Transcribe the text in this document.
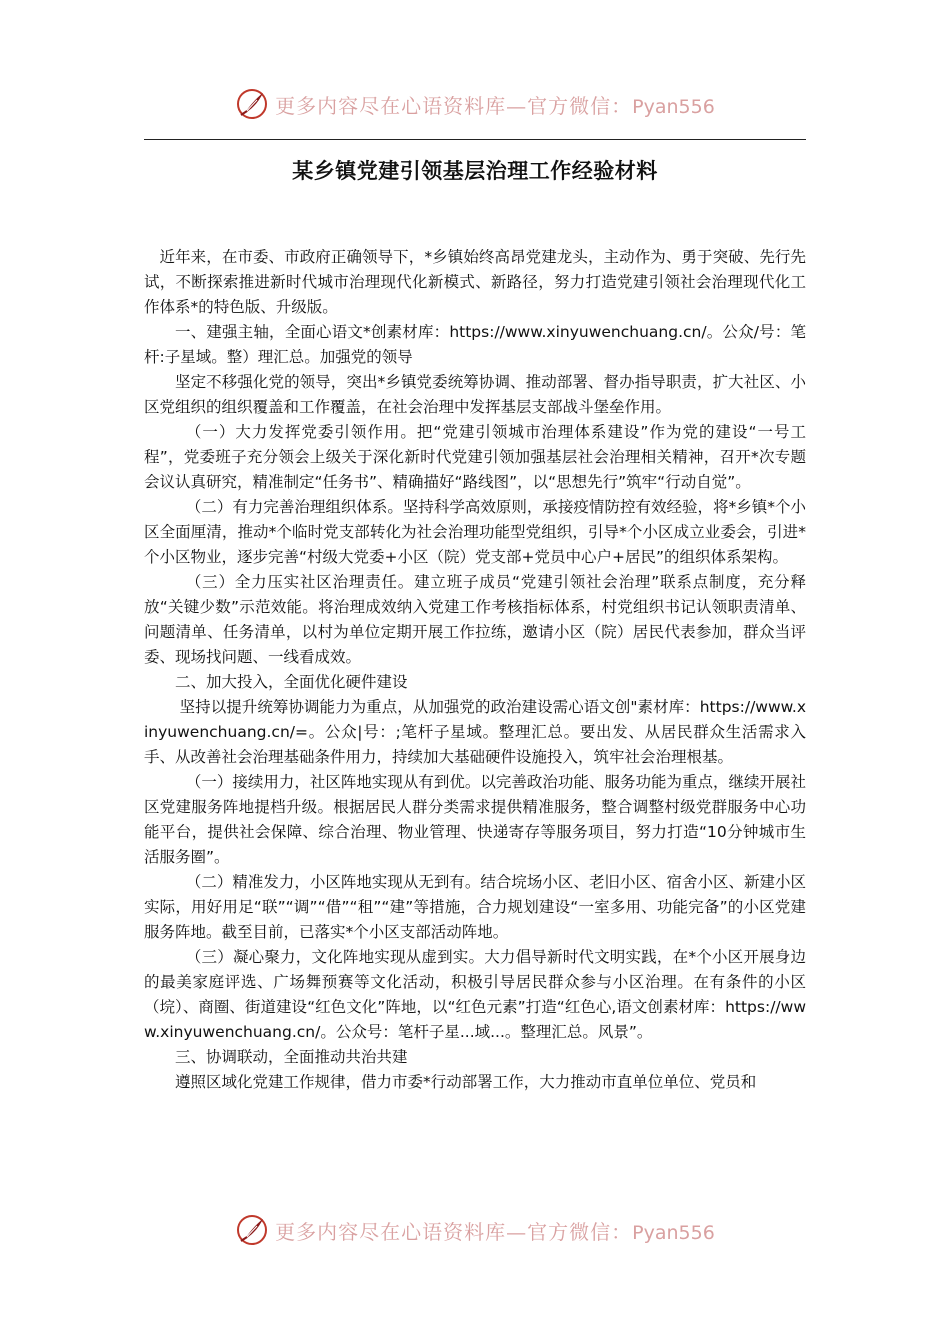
更多内容尽在心语资料库—官方微信：Pyan556
某乡镇党建引领基层治理工作经验材料

近年来，在市委、市政府正确领导下，*乡镇始终高昂党建龙头，主动作为、勇于突破、先行先试，不断探索推进新时代城市治理现代化新模式、新路径，努力打造党建引领社会治理现代化工作体系*的特色版、升级版。

一、建强主轴，全面心语文*创素材库：https://www.xinyuwenchuang.cn/。公众/号：笔杆:子星域。整）理汇总。加强党的领导

坚定不移强化党的领导，突出*乡镇党委统筹协调、推动部署、督办指导职责，扩大社区、小区党组织的组织覆盖和工作覆盖，在社会治理中发挥基层支部战斗堡垒作用。

（一）大力发挥党委引领作用。把“党建引领城市治理体系建设”作为党的建设“一号工程”，党委班子充分领会上级关于深化新时代党建引领加强基层社会治理相关精神，召开*次专题会议认真研究，精准制定“任务书”、精确描好“路线图”，以“思想先行”筑牢“行动自觉”。

（二）有力完善治理组织体系。坚持科学高效原则，承接疫情防控有效经验，将*乡镇*个小区全面厘清，推动*个临时党支部转化为社会治理功能型党组织，引导*个小区成立业委会，引进*个小区物业，逐步完善“村级大党委+小区（院）党支部+党员中心户+居民”的组织体系架构。

（三）全力压实社区治理责任。建立班子成员“党建引领社会治理”联系点制度，充分释放“关键少数”示范效能。将治理成效纳入党建工作考核指标体系，村党组织书记认领职责清单、问题清单、任务清单，以村为单位定期开展工作拉练，邀请小区（院）居民代表参加，群众当评委、现场找问题、一线看成效。

二、加大投入，全面优化硬件建设

坚持以提升统筹协调能力为重点，从加强党的政治建设需心语文创"素材库：https://www.xinyuwenchuang.cn/=。公众|号：;笔杆子星域。整理汇总。要出发、从居民群众生活需求入手、从改善社会治理基础条件用力，持续加大基础硬件设施投入，筑牢社会治理根基。

（一）接续用力，社区阵地实现从有到优。以完善政治功能、服务功能为重点，继续开展社区党建服务阵地提档升级。根据居民人群分类需求提供精准服务，整合调整村级党群服务中心功能平台，提供社会保障、综合治理、物业管理、快递寄存等服务项目，努力打造“10分钟城市生活服务圈”。

（二）精准发力，小区阵地实现从无到有。结合垸场小区、老旧小区、宿舍小区、新建小区实际，用好用足“联”“调”“借”“租”“建”等措施，合力规划建设“一室多用、功能完备”的小区党建服务阵地。截至目前，已落实*个小区支部活动阵地。

（三）凝心聚力，文化阵地实现从虚到实。大力倡导新时代文明实践，在*个小区开展身边的最美家庭评选、广场舞预赛等文化活动，积极引导居民群众参与小区治理。在有条件的小区（垸）、商圈、街道建设“红色文化”阵地，以“红色元素”打造“红色心,语文创素材库：https://www.xinyuwenchuang.cn/。公众号：笔杆子星...域...。整理汇总。风景”。

三、协调联动，全面推动共治共建

遵照区域化党建工作规律，借力市委*行动部署工作，大力推动市直单位单位、党员和

更多内容尽在心语资料库—官方微信：Pyan556
